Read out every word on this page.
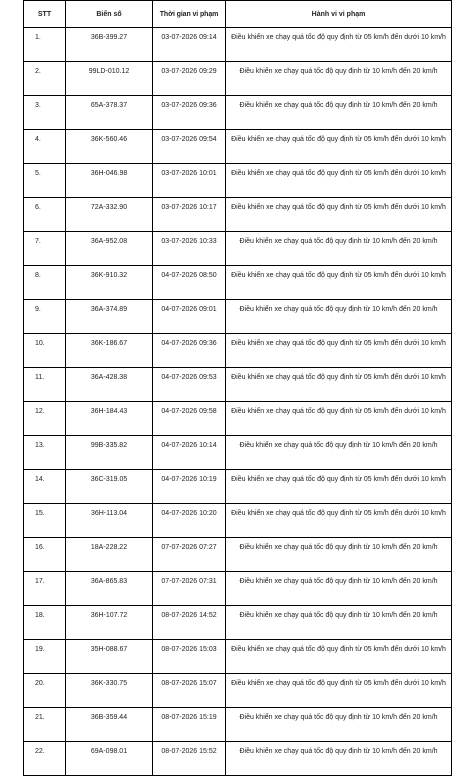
STT	Biển số	Thời gian vi phạm	Hành vi vi phạm
1.	36B-399.27	03-07-2026 09:14	Điều khiển xe chạy quá tốc độ quy định từ 05 km/h đến dưới 10 km/h
2.	99LD-010.12	03-07-2026 09:29	Điều khiển xe chạy quá tốc độ quy định từ 10 km/h đến 20 km/h
3.	65A-378.37	03-07-2026 09:36	Điều khiển xe chạy quá tốc độ quy định từ 10 km/h đến 20 km/h
4.	36K-560.46	03-07-2026 09:54	Điều khiển xe chạy quá tốc độ quy định từ 05 km/h đến dưới 10 km/h
5.	36H-046.98	03-07-2026 10:01	Điều khiển xe chạy quá tốc độ quy định từ 05 km/h đến dưới 10 km/h
6.	72A-332.90	03-07-2026 10:17	Điều khiển xe chạy quá tốc độ quy định từ 05 km/h đến dưới 10 km/h
7.	36A-952.08	03-07-2026 10:33	Điều khiển xe chạy quá tốc độ quy định từ 10 km/h đến 20 km/h
8.	36K-910.32	04-07-2026 08:50	Điều khiển xe chạy quá tốc độ quy định từ 05 km/h đến dưới 10 km/h
9.	36A-374.89	04-07-2026 09:01	Điều khiển xe chạy quá tốc độ quy định từ 10 km/h đến 20 km/h
10.	36K-186.67	04-07-2026 09:36	Điều khiển xe chạy quá tốc độ quy định từ 05 km/h đến dưới 10 km/h
11.	36A-428.38	04-07-2026 09:53	Điều khiển xe chạy quá tốc độ quy định từ 05 km/h đến dưới 10 km/h
12.	36H-184.43	04-07-2026 09:58	Điều khiển xe chạy quá tốc độ quy định từ 05 km/h đến dưới 10 km/h
13.	99B-335.82	04-07-2026 10:14	Điều khiển xe chạy quá tốc độ quy định từ 10 km/h đến 20 km/h
14.	36C-319.05	04-07-2026 10:19	Điều khiển xe chạy quá tốc độ quy định từ 05 km/h đến dưới 10 km/h
15.	36H-113.04	04-07-2026 10:20	Điều khiển xe chạy quá tốc độ quy định từ 05 km/h đến dưới 10 km/h
16.	18A-228.22	07-07-2026 07:27	Điều khiển xe chạy quá tốc độ quy định từ 10 km/h đến 20 km/h
17.	36A-865.83	07-07-2026 07:31	Điều khiển xe chạy quá tốc độ quy định từ 10 km/h đến 20 km/h
18.	36H-107.72	08-07-2026 14:52	Điều khiển xe chạy quá tốc độ quy định từ 10 km/h đến 20 km/h
19.	35H-088.67	08-07-2026 15:03	Điều khiển xe chạy quá tốc độ quy định từ 05 km/h đến dưới 10 km/h
20.	36K-330.75	08-07-2026 15:07	Điều khiển xe chạy quá tốc độ quy định từ 05 km/h đến dưới 10 km/h
21.	36B-359.44	08-07-2026 15:19	Điều khiển xe chạy quá tốc độ quy định từ 10 km/h đến 20 km/h
22.	69A-098.01	08-07-2026 15:52	Điều khiển xe chạy quá tốc độ quy định từ 10 km/h đến 20 km/h
